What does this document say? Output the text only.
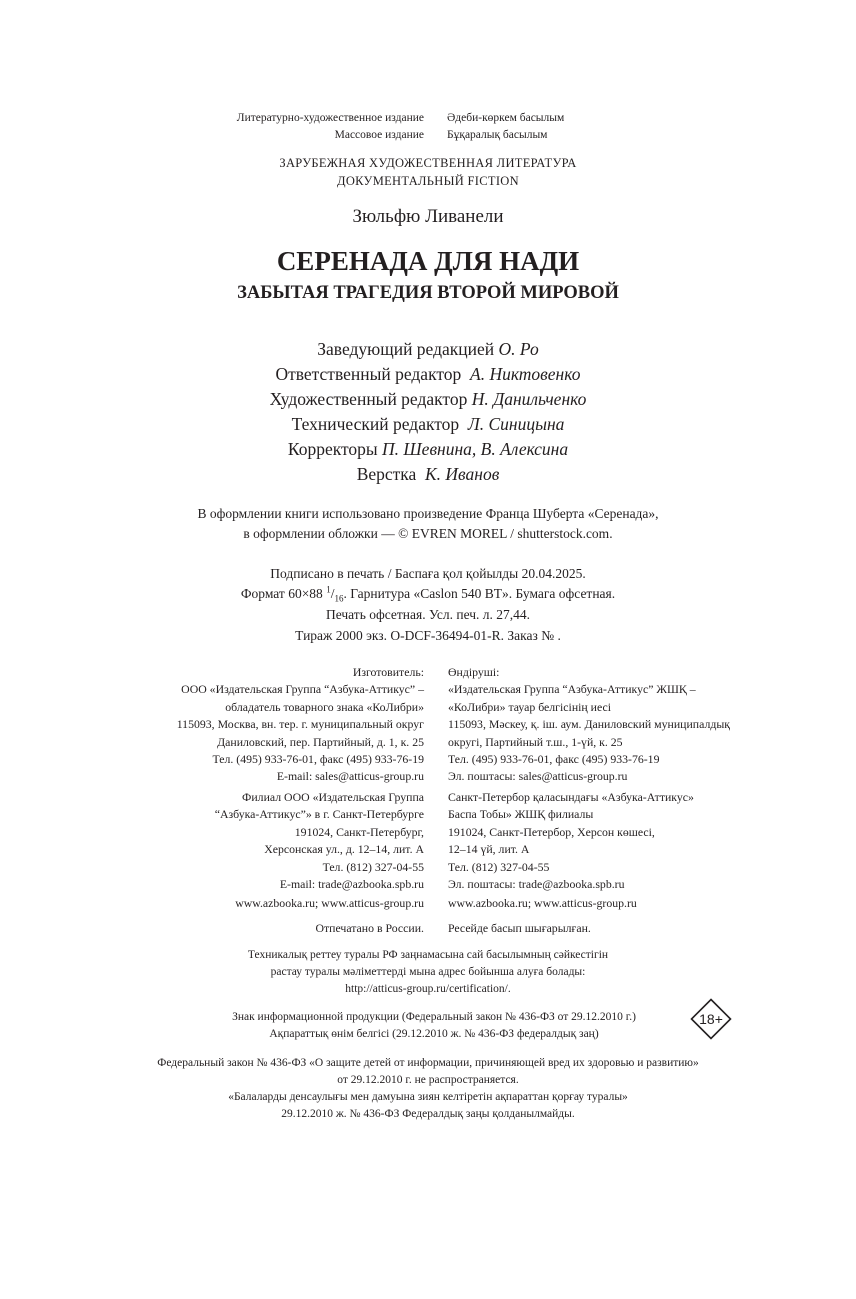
Литературно-художественное издание
Массовое издание
Әдеби-көркем басылым
Бұқаралық басылым
ЗАРУБЕЖНАЯ ХУДОЖЕСТВЕННАЯ ЛИТЕРАТУРА
ДОКУМЕНТАЛЬНЫЙ FICTION
Зюльфю Ливанели
СЕРЕНАДА ДЛЯ НАДИ
ЗАБЫТАЯ ТРАГЕДИЯ ВТОРОЙ МИРОВОЙ
Заведующий редакцией О. Ро
Ответственный редактор А. Никтовенко
Художественный редактор Н. Данильченко
Технический редактор Л. Синицына
Корректоры П. Шевнина, В. Алексина
Верстка К. Иванов
В оформлении книги использовано произведение Франца Шуберта «Серенада»,
в оформлении обложки — © EVREN MOREL / shutterstock.com.
Подписано в печать / Баспаға қол қойылды 20.04.2025.
Формат 60×88 $^1/_{16}$. Гарнитура «Caslon 540 BT». Бумага офсетная.
Печать офсетная. Усл. печ. л. 27,44.
Тираж 2000 экз. О-DCF-36494-01-R. Заказ № .
Изготовитель:
ООО «Издательская Группа “Азбука-Аттикус” –
обладатель товарного знака «КоЛибри»
115093, Москва, вн. тер. г. муниципальный округ
Даниловский, пер. Партийный, д. 1, к. 25
Тел. (495) 933-76-01, факс (495) 933-76-19
E-mail: sales@atticus-group.ru
Өндіруші:
«Издательская Группа “Азбука-Аттикус” ЖШҚ –
«КоЛибри» тауар белгісінің иесі
115093, Мәскеу, қ. іш. аум. Даниловский муниципалдық
округі, Партийный т.ш., 1-үй, к. 25
Тел. (495) 933-76-01, факс (495) 933-76-19
Эл. поштасы: sales@atticus-group.ru
Филиал ООО «Издательская Группа
“Азбука-Аттикус”» в г. Санкт-Петербурге
191024, Санкт-Петербург,
Херсонская ул., д. 12–14, лит. А
Тел. (812) 327-04-55
E-mail: trade@azbooka.spb.ru
Санкт-Петербор қаласындағы «Азбука-Аттикус»
Баспа Тобы» ЖШҚ филиалы
191024, Санкт-Петербор, Херсон көшесі,
12–14 үй, лит. А
Тел. (812) 327-04-55
Эл. поштасы: trade@azbooka.spb.ru
www.azbooka.ru; www.atticus-group.ru www.azbooka.ru; www.atticus-group.ru
Отпечатано в России. Ресейде басып шығарылған.
Техникалық реттеу туралы РФ заңнамасына сай басылымның сәйкестігін
растау туралы мәліметтерді мына адрес бойынша алуға болады:
http://atticus-group.ru/certification/.
Знак информационной продукции (Федеральный закон № 436-ФЗ от 29.12.2010 г.)
Ақпараттық өнім белгісі (29.12.2010 ж. № 436-ФЗ федералдық заң)
18+
Федеральный закон № 436-ФЗ «О защите детей от информации, причиняющей вред их здоровью и развитию»
от 29.12.2010 г. не распространяется.
«Балаларды денсаулығы мен дамуына зиян келтіретін ақпараттан қорғау туралы»
29.12.2010 ж. № 436-ФЗ Федералдық заңы қолданылмайды.
